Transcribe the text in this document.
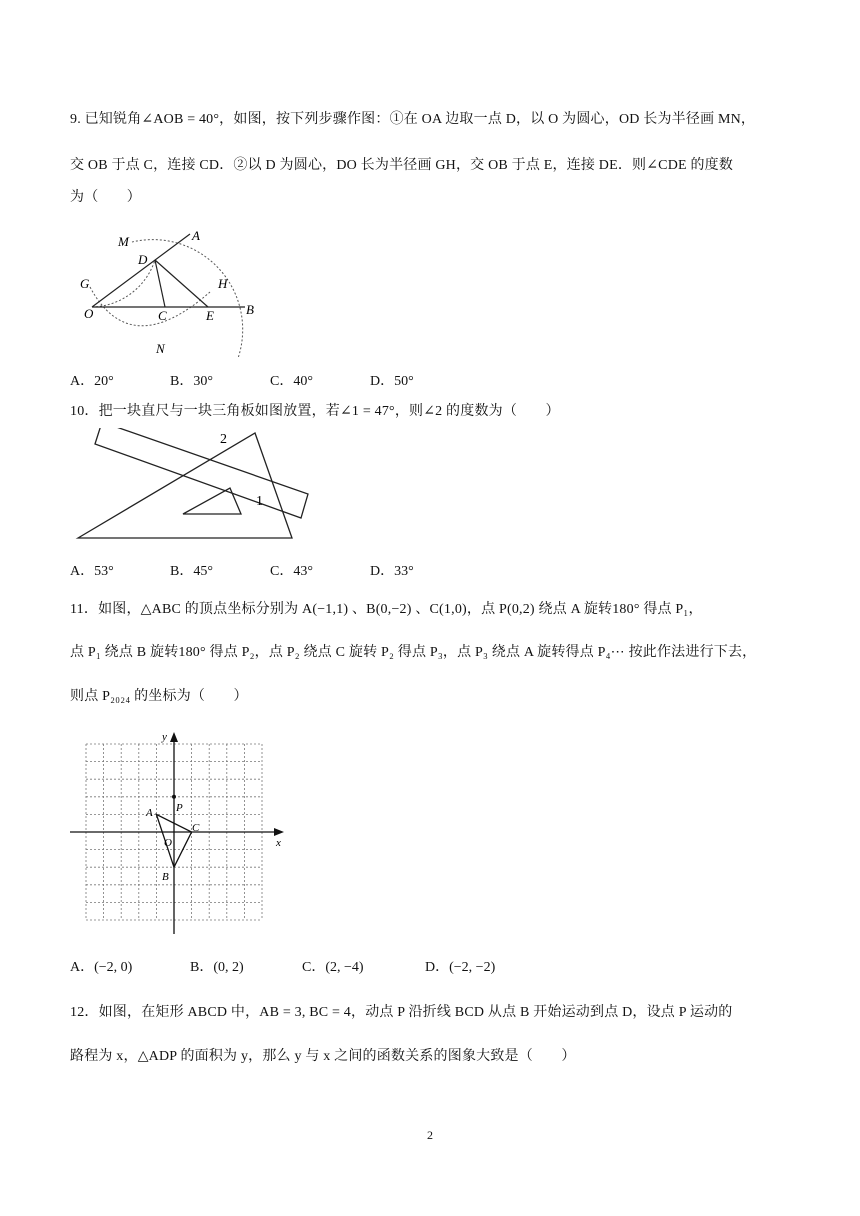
9. 已知锐角∠AOB = 40°，如图，按下列步骤作图：①在 OA 边取一点 D，以 O 为圆心，OD 长为半径画 MN，
交 OB 于点 C，连接 CD．②以 D 为圆心，DO 长为半径画 GH，交 OB 于点 E，连接 DE．则∠CDE 的度数
为（　　）
M	A
D
G	H
O	C	E B
N
A．20°	B．30°	C．40°	D．50°
10．把一块直尺与一块三角板如图放置，若∠1 = 47°，则∠2 的度数为（　　）
2
1
A．53°	B．45°	C．43°	D．33°
11．如图，△ABC 的顶点坐标分别为 A(−1,1) 、B(0,−2) 、C(1,0)，点 P(0,2) 绕点 A 旋转180° 得点 P₁，
点 P₁ 绕点 B 旋转180° 得点 P₂，点 P₂ 绕点 C 旋转 P₂ 得点 P₃，点 P₃ 绕点 A 旋转得点 P₄⋯ 按此作法进行下去，
则点 P₂₀₂₄ 的坐标为（　　）
x
y
P
A
C
O
B
A．(−2, 0)	B．(0, 2)	C．(2, −4)	D．(−2, −2)
12．如图，在矩形 ABCD 中，AB = 3, BC = 4，动点 P 沿折线 BCD 从点 B 开始运动到点 D，设点 P 运动的
路程为 x，△ADP 的面积为 y，那么 y 与 x 之间的函数关系的图象大致是（　　）
2
